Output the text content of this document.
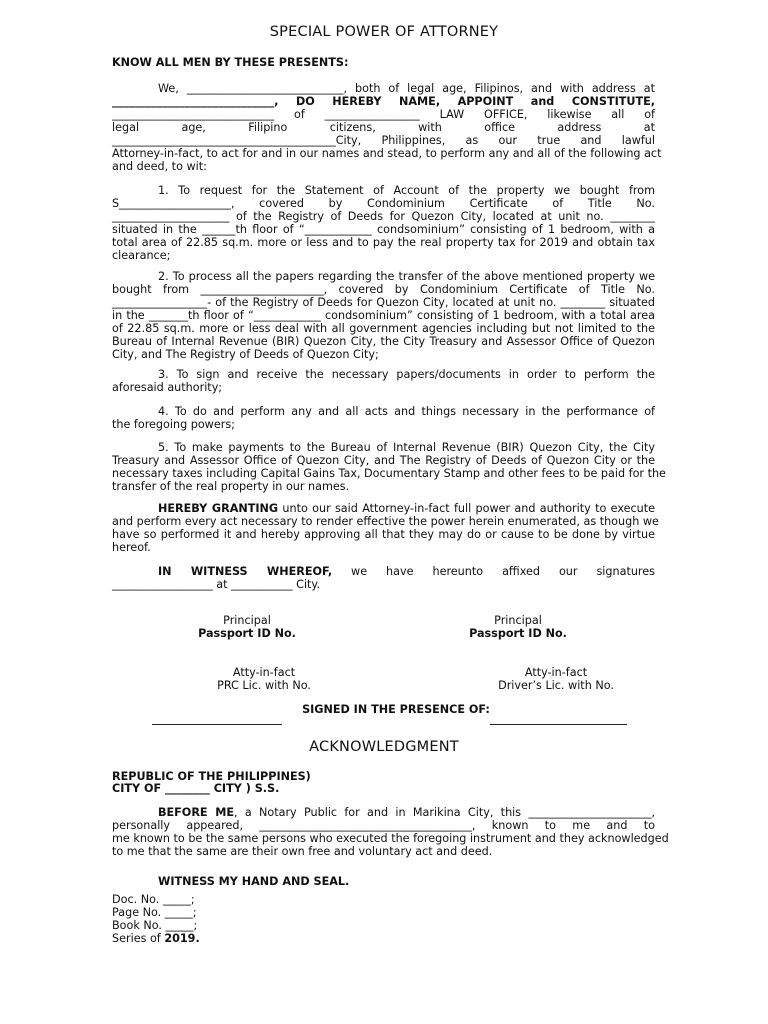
SPECIAL POWER OF ATTORNEY
KNOW ALL MEN BY THESE PRESENTS:
We, ____________________________, both of legal age, Filipinos, and with address at
_____________________________, DO HEREBY NAME, APPOINT and CONSTITUTE,
_____________________________ of _________________ LAW OFFICE, likewise all of
legal age, Filipino citizens, with office address at
________________________________________City, Philippines, as our true and lawful
Attorney-in-fact, to act for and in our names and stead, to perform any and all of the following act
and deed, to wit:
1. To request for the Statement of Account of the property we bought from
S____________________, covered by Condominium Certificate of Title No.
_____________________ of the Registry of Deeds for Quezon City, located at unit no. ________
situated in the ______th floor of “____________ condsominium” consisting of 1 bedroom, with a
total area of 22.85 sq.m. more or less and to pay the real property tax for 2019 and obtain tax
clearance;
2. To process all the papers regarding the transfer of the above mentioned property we
bought from ______________________, covered by Condominium Certificate of Title No.
_________________- of the Registry of Deeds for Quezon City, located at unit no. ________ situated
in the _______th floor of “____________ condsominium” consisting of 1 bedroom, with a total area
of 22.85 sq.m. more or less deal with all government agencies including but not limited to the
Bureau of Internal Revenue (BIR) Quezon City, the City Treasury and Assessor Office of Quezon
City, and The Registry of Deeds of Quezon City;
3. To sign and receive the necessary papers/documents in order to perform the
aforesaid authority;
4. To do and perform any and all acts and things necessary in the performance of
the foregoing powers;
5. To make payments to the Bureau of Internal Revenue (BIR) Quezon City, the City
Treasury and Assessor Office of Quezon City, and The Registry of Deeds of Quezon City or the
necessary taxes including Capital Gains Tax, Documentary Stamp and other fees to be paid for the
transfer of the real property in our names.
HEREBY GRANTING unto our said Attorney-in-fact full power and authority to execute
and perform every act necessary to render effective the power herein enumerated, as though we
have so performed it and hereby approving all that they may do or cause to be done by virtue
hereof.
IN WITNESS WHEREOF, we have hereunto affixed our signatures
__________________ at ___________ City.
Principal
Passport ID No.
Principal
Passport ID No.
Atty-in-fact
PRC Lic. with No.
Atty-in-fact
Driver’s Lic. with No.
SIGNED IN THE PRESENCE OF:
ACKNOWLEDGMENT
REPUBLIC OF THE PHILIPPINES)
CITY OF ________ CITY ) S.S.
BEFORE ME, a Notary Public for and in Marikina City, this ______________________,
personally appeared, ______________________________________, known to me and to
me known to be the same persons who executed the foregoing instrument and they acknowledged
to me that the same are their own free and voluntary act and deed.
WITNESS MY HAND AND SEAL.
Doc. No. _____;
Page No. _____;
Book No. _____;
Series of 2019.
